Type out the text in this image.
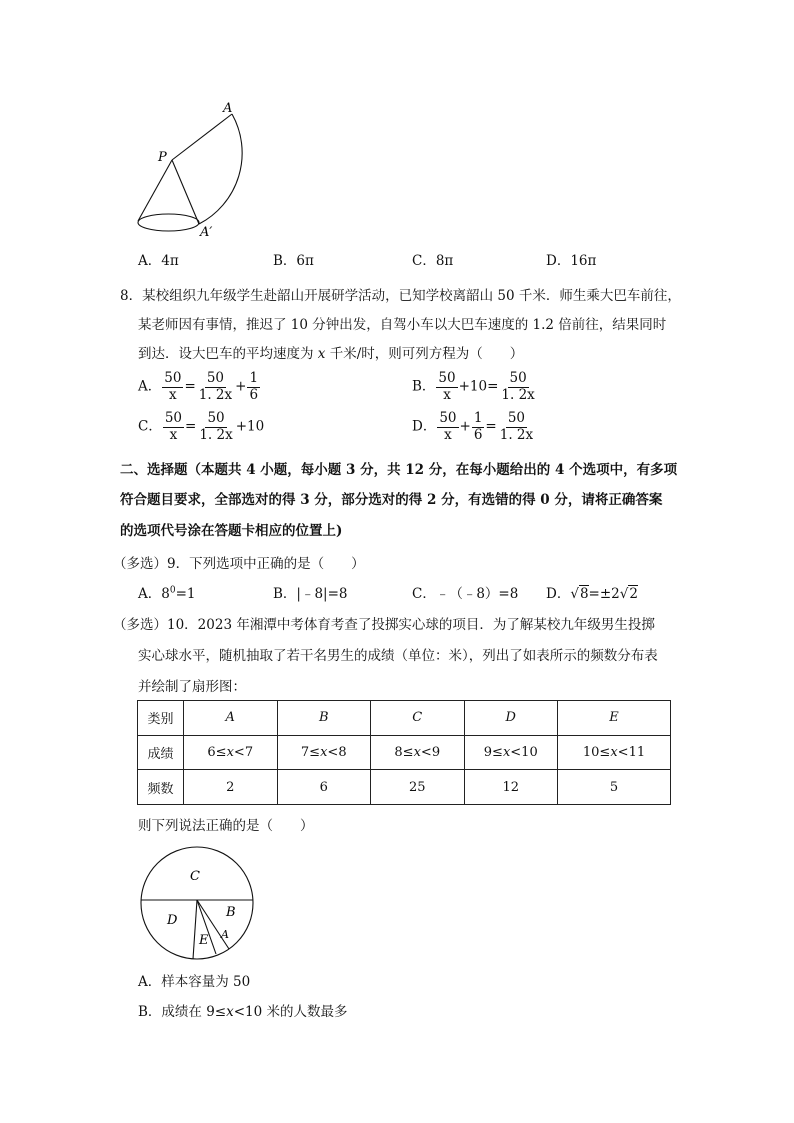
A
P
A′
A．4π	B．6π	C．8π	D．16π
8．某校组织九年级学生赴韶山开展研学活动，已知学校离韶山 50 千米．师生乘大巴车前往，
某老师因有事情，推迟了 10 分钟出发，自驾小车以大巴车速度的 1.2 倍前往，结果同时
到达．设大巴车的平均速度为 x 千米/时，则可列方程为（　　）
A． $\frac{50}{x} = \frac{50}{1. 2x} + \frac{1}{6}$	B． $\frac{50}{x} +10= \frac{50}{1. 2x}$
C． $\frac{50}{x} = \frac{50}{1. 2x} +10$	D． $\frac{50}{x} + \frac{1}{6} = \frac{50}{1. 2x}$
二、选择题（本题共 4 小题，每小题 3 分，共 12 分，在每小题给出的 4 个选项中，有多项
符合题目要求，全部选对的得 3 分，部分选对的得 2 分，有选错的得 0 分，请将正确答案
的选项代号涂在答题卡相应的位置上)
（多选）9．下列选项中正确的是（　　）
A．$8^0=1$	B．|﹣8|=8	C．﹣（﹣8）=8 D．√8=±2√2
（多选）10．2023 年湘潭中考体育考查了投掷实心球的项目．为了解某校九年级男生投掷
实心球水平，随机抽取了若干名男生的成绩（单位：米），列出了如表所示的频数分布表
并绘制了扇形图：
类别	A	B	C	D	E
成绩	6≤x<7	7≤x<8	8≤x<9	9≤x<10	10≤x<11
频数	2	6	25	12	5
则下列说法正确的是（　　）
C
D
B
E A
A．样本容量为 50
B．成绩在 9≤x<10 米的人数最多
